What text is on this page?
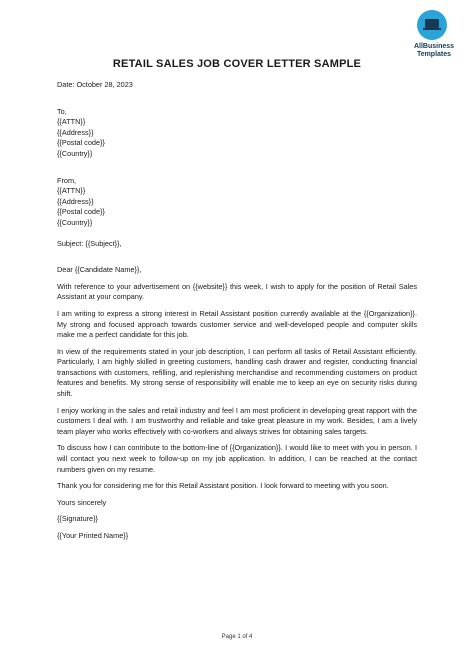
AllBusiness
Templates
RETAIL SALES JOB COVER LETTER SAMPLE

Date: October 28, 2023

To,

{{ATTN}}

{{Address}}

{{Postal code}}

{{Country}}

From,

{{ATTN}}

{{Address}}

{{Postal code}}

{{Country}}

Subject: {{Subject}},

Dear {{Candidate Name}},

With reference to your advertisement on {{website}} this week, I wish to apply for the position of Retail Sales Assistant at your company.

I am writing to express a strong interest in Retail Assistant position currently available at the {{Organization}}. My strong and focused approach towards customer service and well-developed people and computer skills make me a perfect candidate for this job.

In view of the requirements stated in your job description, I can perform all tasks of Retail Assistant efficiently. Particularly, I am highly skilled in greeting customers, handling cash drawer and register, conducting financial transactions with customers, refilling, and replenishing merchandise and recommending customers on product features and benefits. My strong sense of responsibility will enable me to keep an eye on security risks during shift.

I enjoy working in the sales and retail industry and feel I am most proficient in developing great rapport with the customers I deal with. I am trustworthy and reliable and take great pleasure in my work. Besides, I am a lively team player who works effectively with co-workers and always strives for obtaining sales targets.

To discuss how I can contribute to the bottom-line of {{Organization}}. I would like to meet with you in person. I will contact you next week to follow-up on my job application. In addition, I can be reached at the contact numbers given on my resume.

Thank you for considering me for this Retail Assistant position. I look forward to meeting with you soon.

Yours sincerely

{{Signature}}

{{Your Printed Name}}

Page 1 of 4
